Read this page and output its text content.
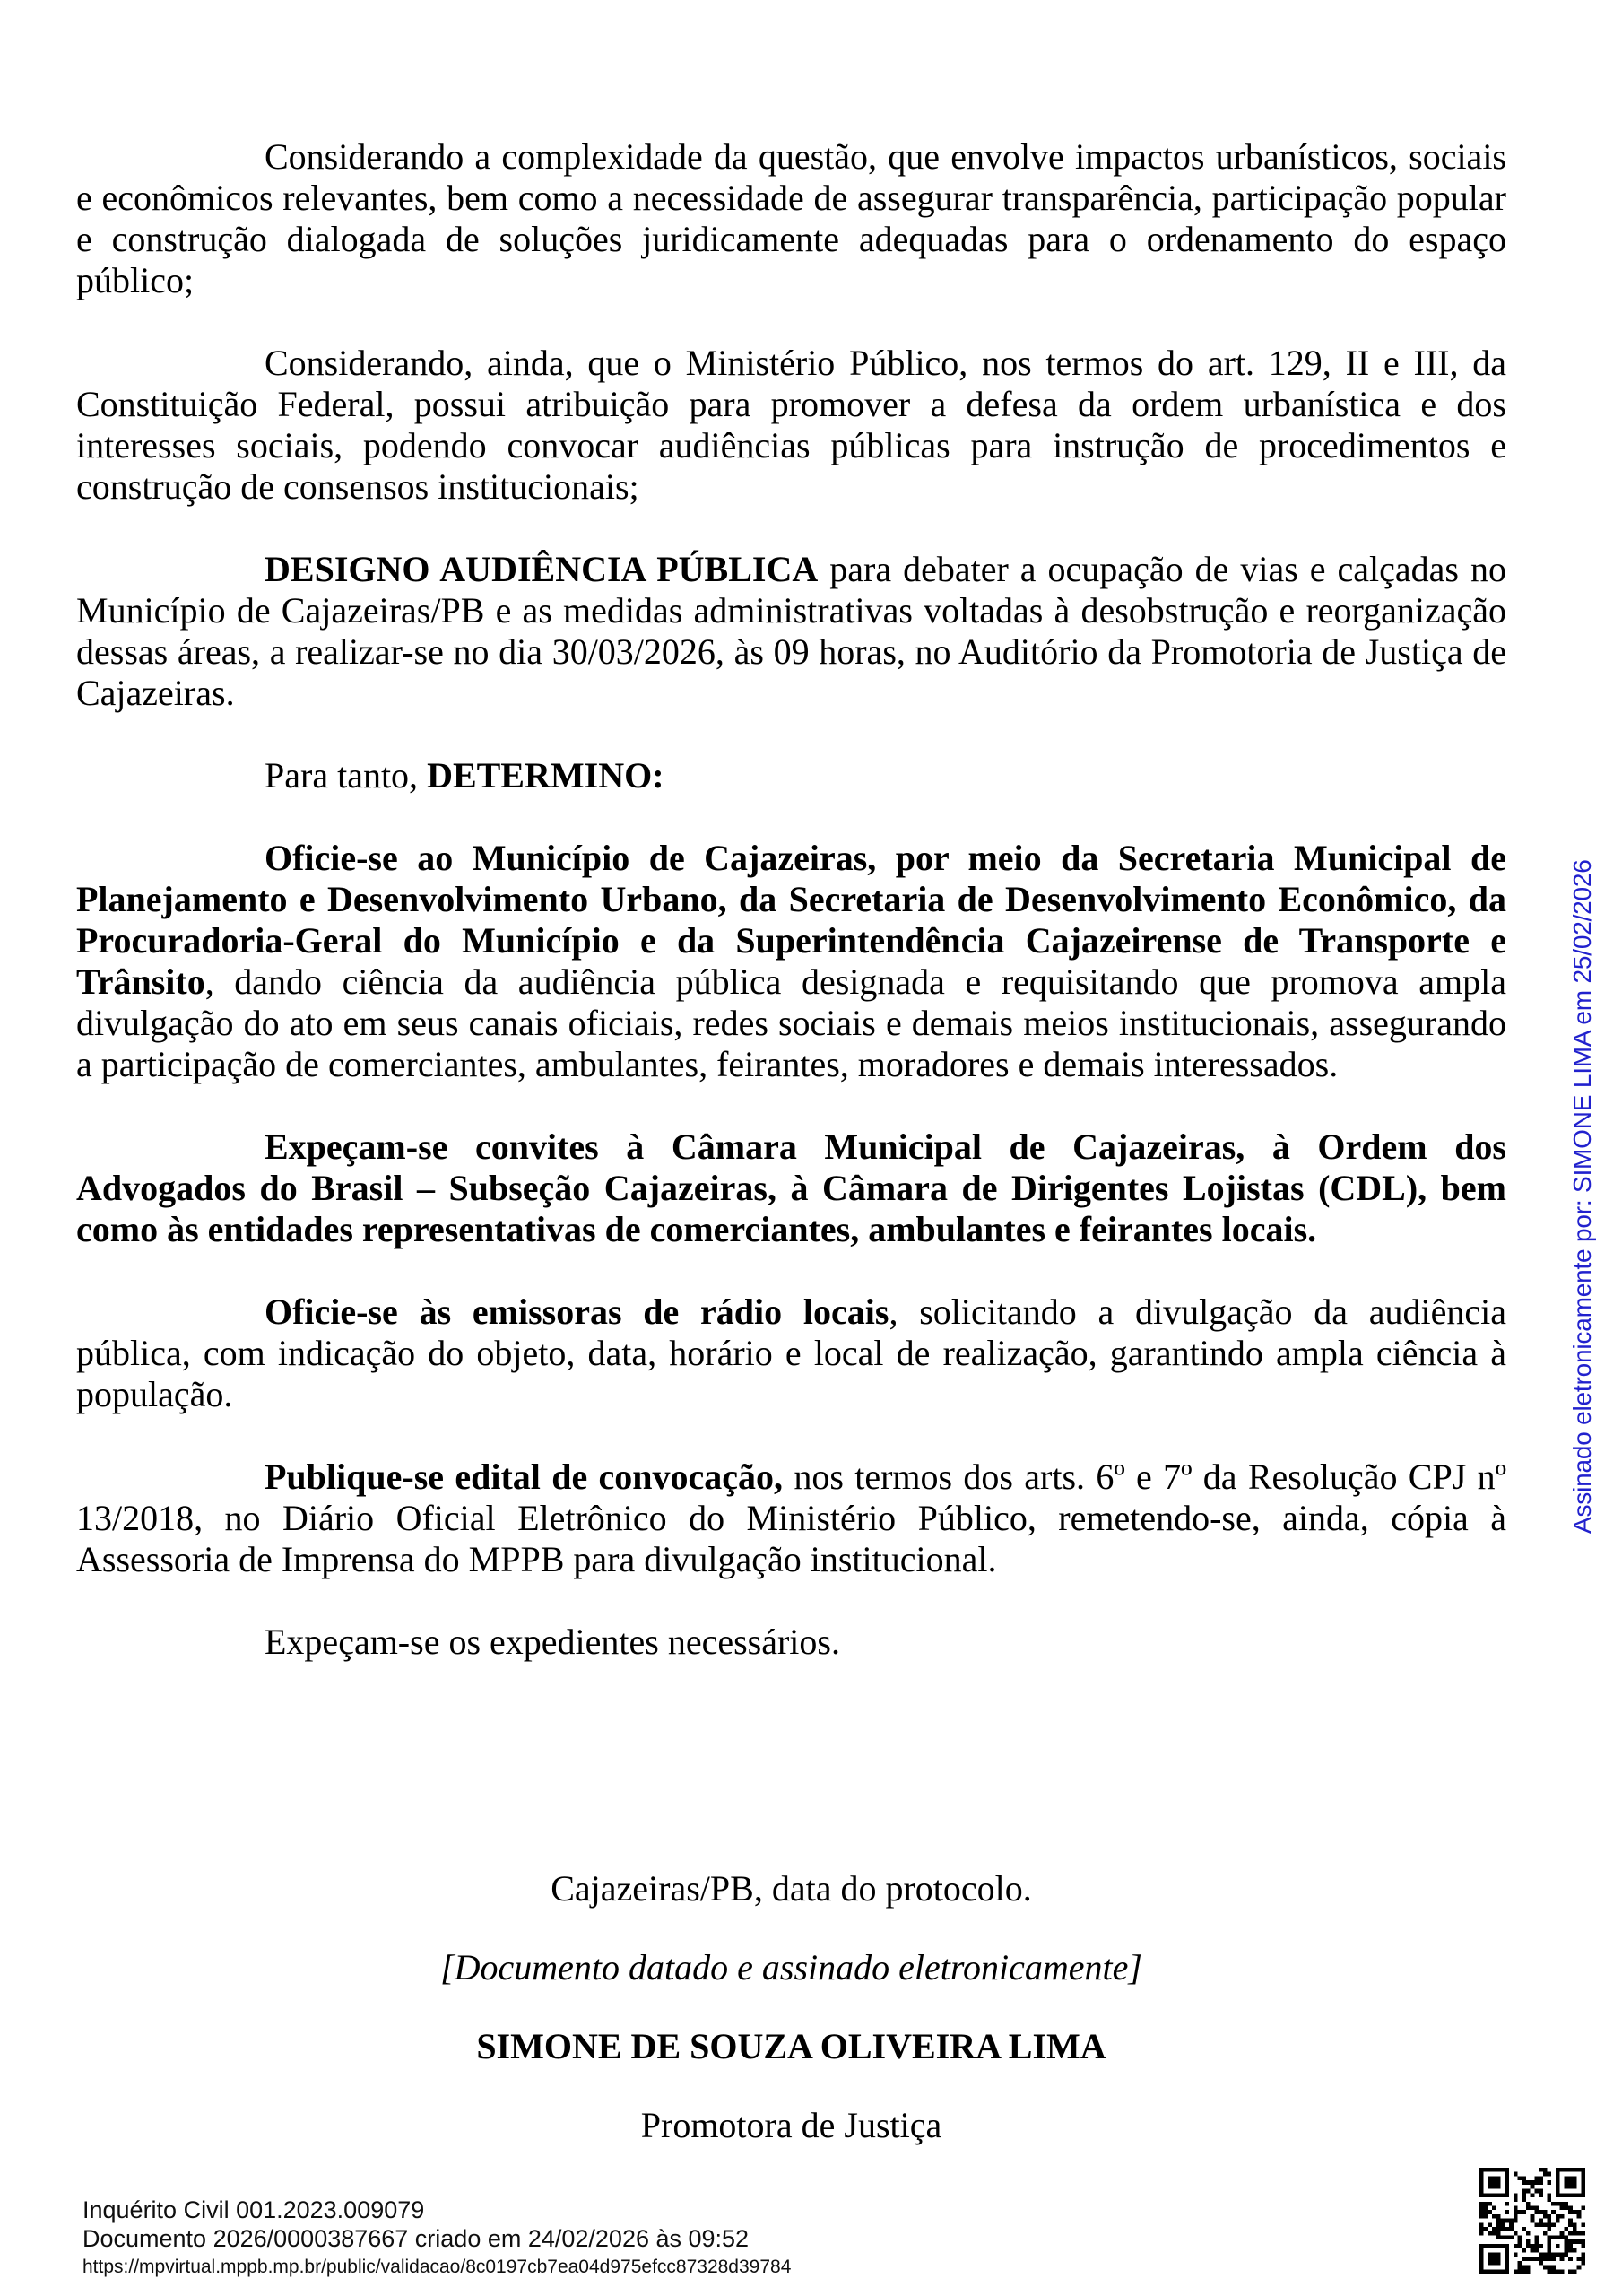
Considerando a complexidade da questão, que envolve impactos urbanísticos, sociais e econômicos relevantes, bem como a necessidade de assegurar transparência, participação popular e construção dialogada de soluções juridicamente adequadas para o ordenamento do espaço público;

Considerando, ainda, que o Ministério Público, nos termos do art. 129, II e III, da Constituição Federal, possui atribuição para promover a defesa da ordem urbanística e dos interesses sociais, podendo convocar audiências públicas para instrução de procedimentos e construção de consensos institucionais;

DESIGNO AUDIÊNCIA PÚBLICA para debater a ocupação de vias e calçadas no Município de Cajazeiras/PB e as medidas administrativas voltadas à desobstrução e reorganização dessas áreas, a realizar-se no dia 30/03/2026, às 09 horas, no Auditório da Promotoria de Justiça de Cajazeiras.

Para tanto, DETERMINO:

Oficie-se ao Município de Cajazeiras, por meio da Secretaria Municipal de Planejamento e Desenvolvimento Urbano, da Secretaria de Desenvolvimento Econômico, da Procuradoria-Geral do Município e da Superintendência Cajazeirense de Transporte e Trânsito, dando ciência da audiência pública designada e requisitando que promova ampla divulgação do ato em seus canais oficiais, redes sociais e demais meios institucionais, assegurando a participação de comerciantes, ambulantes, feirantes, moradores e demais interessados.

Expeçam-se convites à Câmara Municipal de Cajazeiras, à Ordem dos Advogados do Brasil – Subseção Cajazeiras, à Câmara de Dirigentes Lojistas (CDL), bem como às entidades representativas de comerciantes, ambulantes e feirantes locais.

Oficie-se às emissoras de rádio locais, solicitando a divulgação da audiência pública, com indicação do objeto, data, horário e local de realização, garantindo ampla ciência à população.

Publique-se edital de convocação, nos termos dos arts. 6º e 7º da Resolução CPJ nº 13/2018, no Diário Oficial Eletrônico do Ministério Público, remetendo-se, ainda, cópia à Assessoria de Imprensa do MPPB para divulgação institucional.

Expeçam-se os expedientes necessários.

Cajazeiras/PB, data do protocolo.

[Documento datado e assinado eletronicamente]

SIMONE DE SOUZA OLIVEIRA LIMA

Promotora de Justiça

Assinado eletronicamente por: SIMONE LIMA em 25/02/2026
Inquérito Civil 001.2023.009079
Documento 2026/0000387667 criado em 24/02/2026 às 09:52
https://mpvirtual.mppb.mp.br/public/validacao/8c0197cb7ea04d975efcc87328d39784
